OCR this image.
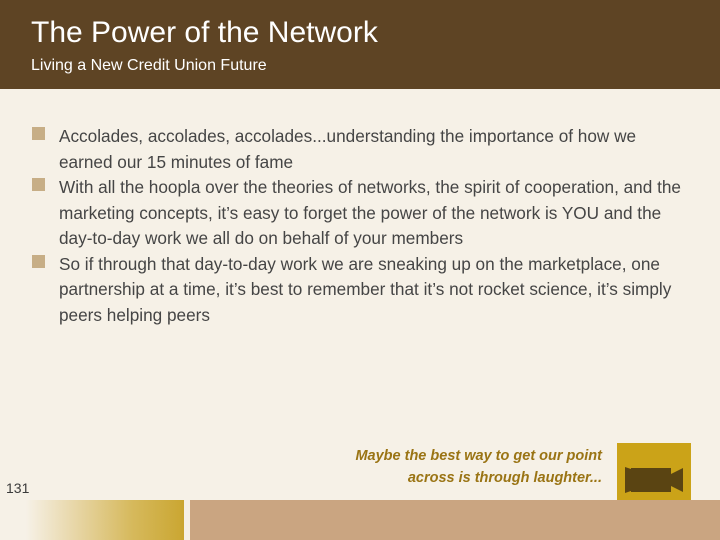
The Power of the Network
Living a New Credit Union Future
Accolades, accolades, accolades...understanding the importance of how we earned our 15 minutes of fame
With all the hoopla over the theories of networks, the spirit of cooperation, and the marketing concepts, it’s easy to forget the power of the network is YOU and the day-to-day work we all do on behalf of your members
So if through that day-to-day work we are sneaking up on the marketplace, one partnership at a time, it’s best to remember that it’s not rocket science, it’s simply peers helping peers
Maybe the best way to get our point
across is through laughter...
131
